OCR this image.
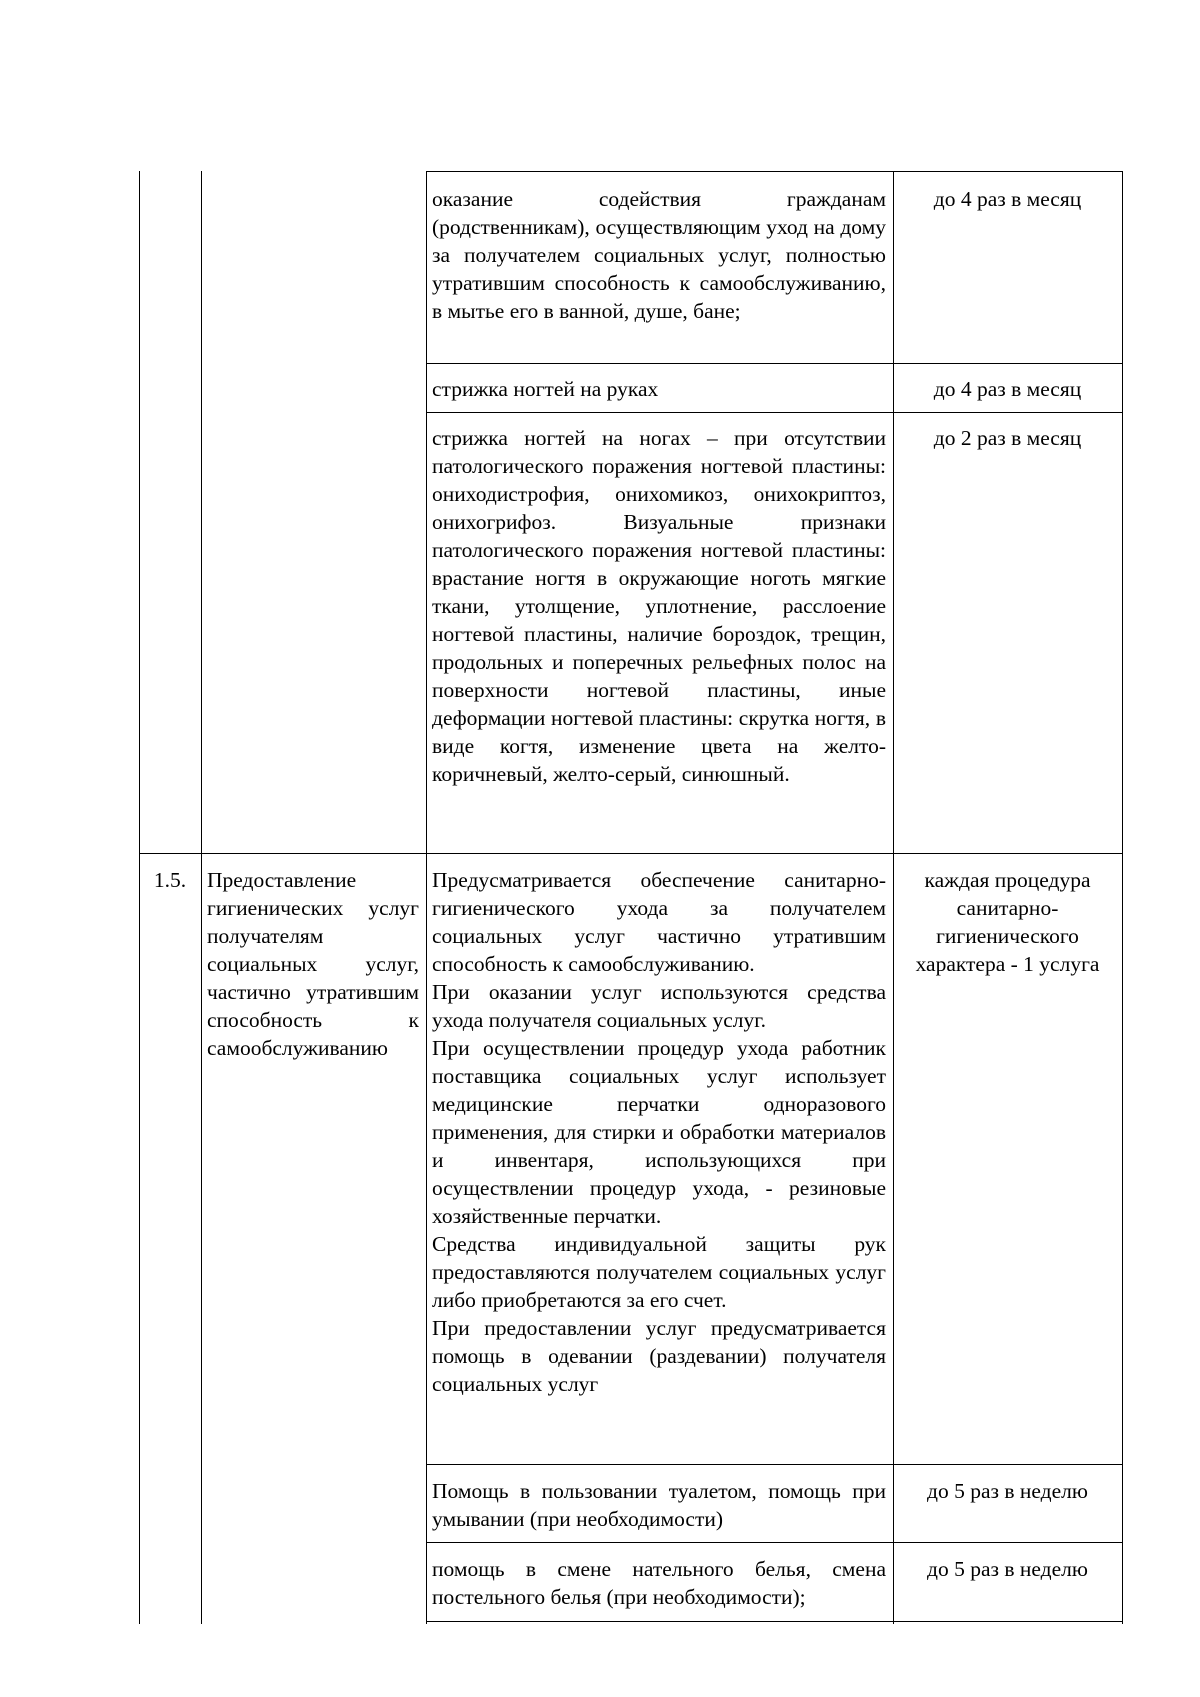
оказание содействия гражданам (родственникам), осуществляющим уход на дому за получателем социальных услуг, полностью утратившим способность к самообслуживанию, в мытье его в ванной, душе, бане;
до 4 раз в месяц
стрижка ногтей на руках	до 4 раз в месяц
стрижка ногтей на ногах – при отсутствии патологического поражения ногтевой пластины: ониходистрофия, онихомикоз, онихокриптоз, онихогрифоз. Визуальные признаки патологического поражения ногтевой пластины: врастание ногтя в окружающие ноготь мягкие ткани, утолщение, уплотнение, расслоение ногтевой пластины, наличие бороздок, трещин, продольных и поперечных рельефных полос на поверхности ногтевой пластины, иные деформации ногтевой пластины: скрутка ногтя, в виде когтя, изменение цвета на желто-коричневый, желто-серый, синюшный.
до 2 раз в месяц
1.5. Предоставление гигиенических услуг получателям социальных услуг, частично утратившим способность к самообслуживанию

Предусматривается обеспечение санитарно-гигиенического ухода за получателем социальных услуг частично утратившим способность к самообслуживанию.

При оказании услуг используются средства ухода получателя социальных услуг.

При осуществлении процедур ухода работник поставщика социальных услуг использует медицинские перчатки одноразового применения, для стирки и обработки материалов и инвентаря, использующихся при осуществлении процедур ухода, - резиновые хозяйственные перчатки.

Средства индивидуальной защиты рук предоставляются получателем социальных услуг либо приобретаются за его счет.

При предоставлении услуг предусматривается помощь в одевании (раздевании) получателя социальных услуг

каждая процедура санитарно-гигиенического характера - 1 услуга
Помощь в пользовании туалетом, помощь при умывании (при необходимости)
до 5 раз в неделю
помощь в смене нательного белья, смена постельного белья (при необходимости);
до 5 раз в неделю
